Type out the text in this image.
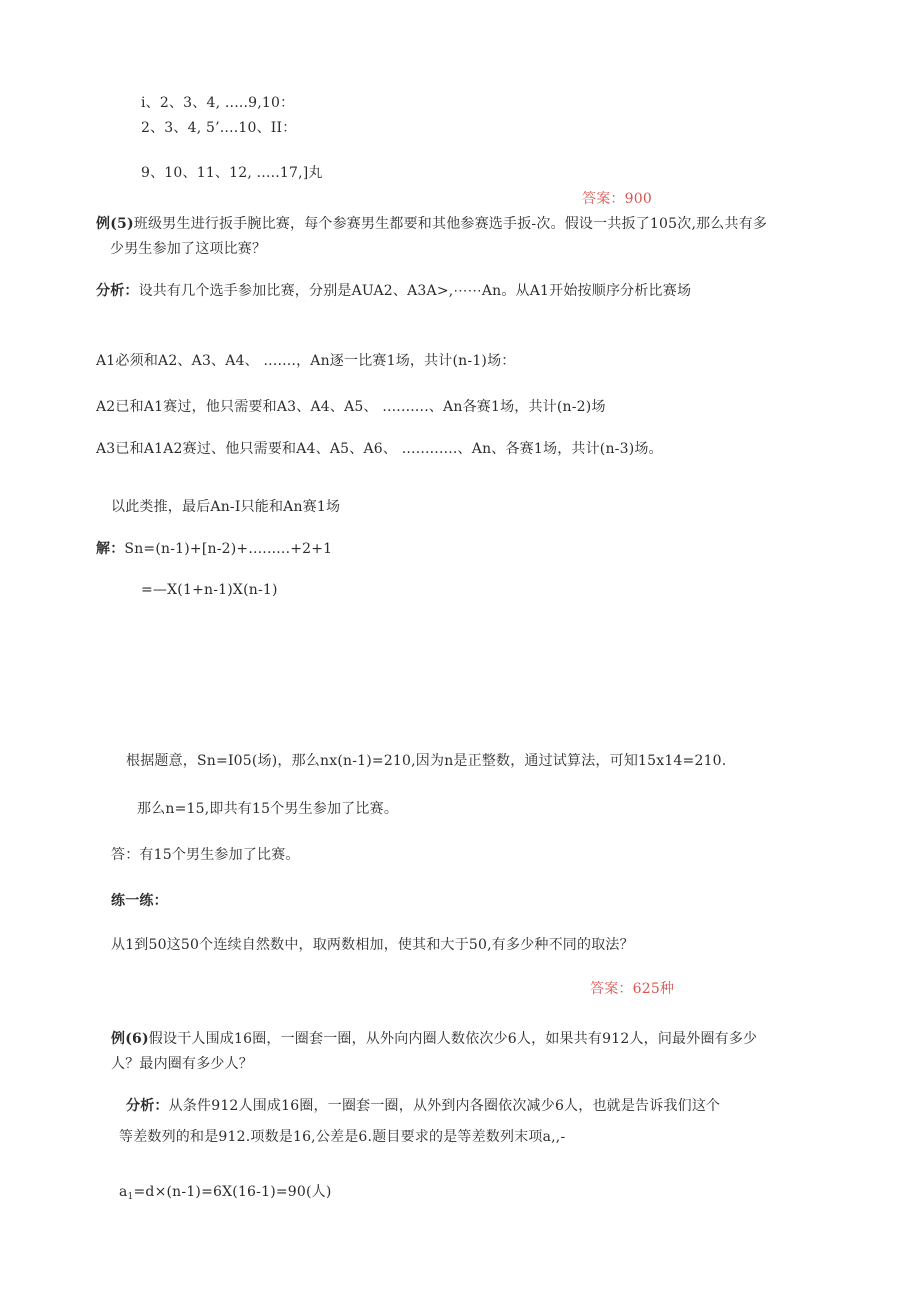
i、2、3、4, .....9,10：
2、3、4, 5’....10、II：
9、10、11、12, .....17,]丸
答案：900
例(5)班级男生进行扳手腕比赛，每个参赛男生都要和其他参赛选手扳-次。假设一共扳了105次,那么共有多
少男生参加了这项比赛？
分析：设共有几个选手参加比赛，分别是AUA2、A3A>,⋯⋯An。从A1开始按顺序分析比赛场
A1必须和A2、A3、A4、 .......，An逐一比赛1场，共计(n-1)场：
A2已和A1赛过，他只需要和A3、A4、A5、 ..........、An各赛1场，共计(n-2)场
A3已和A1A2赛过、他只需要和A4、A5、A6、 ............、An、各赛1场，共计(n-3)场。
以此类推，最后An-I只能和An赛1场
解：Sn=(n-1)+[n-2)+.........+2+1
=—X(1+n-1)X(n-1)
根据题意，Sn=I05(场)，那么nx(n-1)=210,因为n是正整数，通过试算法，可知15x14=210.
那么n=15,即共有15个男生参加了比赛。
答：有15个男生参加了比赛。
练一练：
从1到50这50个连续自然数中，取两数相加，使其和大于50,有多少种不同的取法？
答案：625种
例(6)假设干人围成16圈，一圈套一圈，从外向内圈人数依次少6人，如果共有912人，问最外圈有多少
人？最内圈有多少人？
分析：从条件912人围成16圈，一圈套一圈，从外到内各圈依次减少6人，也就是告诉我们这个
等差数列的和是912.项数是16,公差是6.题目要求的是等差数列末项a,,-
$a_1=d\times(n-1)=6X(16-1)=90$(人)
